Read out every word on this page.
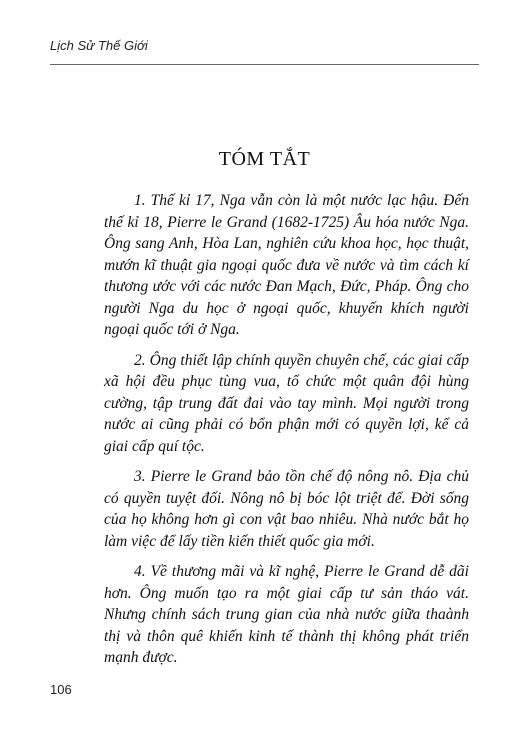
Lịch Sử Thế Giới
TÓM TẮT

1. Thế kỉ 17, Nga vẫn còn là một nước lạc hậu. Đến thế kỉ 18, Pierre le Grand (1682-1725) Âu hóa nước Nga. Ông sang Anh, Hòa Lan, nghiên cứu khoa học, học thuật, mướn kĩ thuật gia ngoại quốc đưa về nước và tìm cách kí thương ước với các nước Đan Mạch, Đức, Pháp. Ông cho người Nga du học ở ngoại quốc, khuyến khích người ngoại quốc tới ở Nga.

2. Ông thiết lập chính quyền chuyên chế, các giai cấp xã hội đều phục tùng vua, tổ chức một quân đội hùng cường, tập trung đất đai vào tay mình. Mọi người trong nước ai cũng phải có bổn phận mới có quyền lợi, kể cả giai cấp quí tộc.

3. Pierre le Grand bảo tồn chế độ nông nô. Địa chủ có quyền tuyệt đối. Nông nô bị bóc lột triệt để. Đời sống của họ không hơn gì con vật bao nhiêu. Nhà nước bắt họ làm việc để lấy tiền kiến thiết quốc gia mới.

4. Về thương mãi và kĩ nghệ, Pierre le Grand dễ dãi hơn. Ông muốn tạo ra một giai cấp tư sản tháo vát. Nhưng chính sách trung gian của nhà nước giữa thaành thị và thôn quê khiến kinh tế thành thị không phát triển mạnh được.

106
